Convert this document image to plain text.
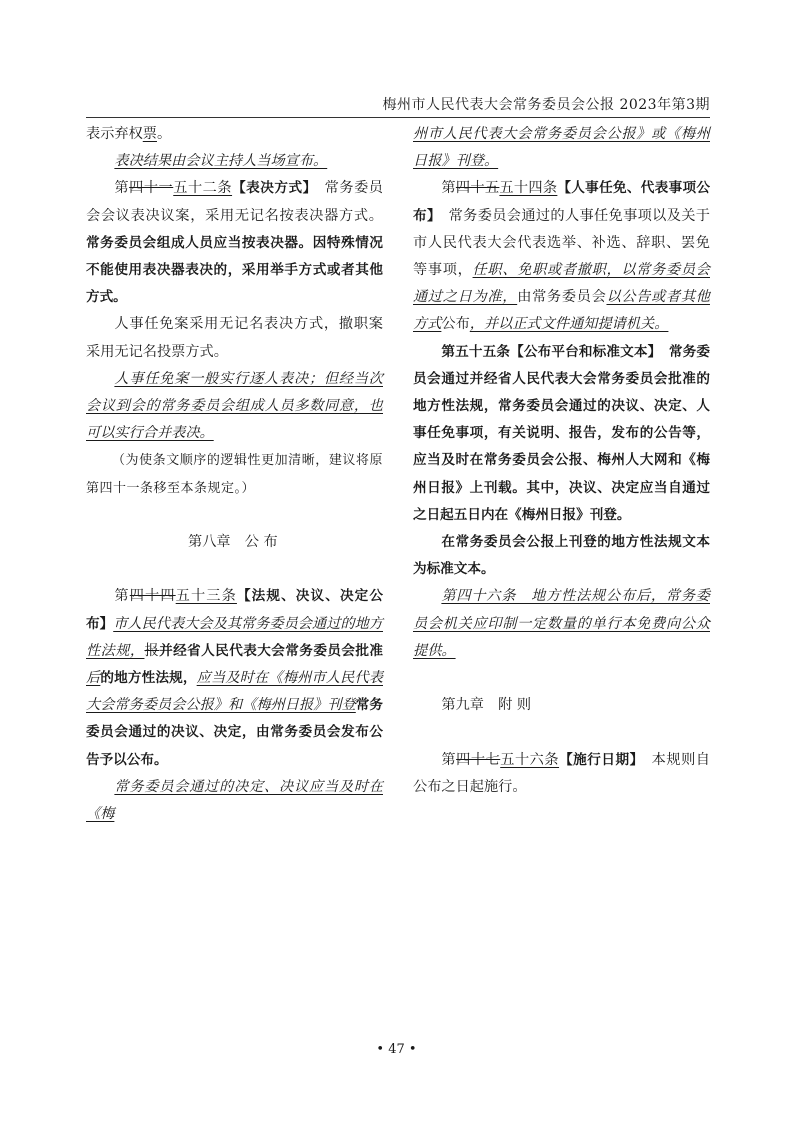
梅州市人民代表大会常务委员会公报 2023年第3期

表示弃权票。

表决结果由会议主持人当场宣布。

第四十一五十二条【表决方式】　 常务委员会会议表决议案，采用无记名按表决器方式。常务委员会组成人员应当按表决器。因特殊情况不能使用表决器表决的，采用举手方式或者其他方式。

人事任免案采用无记名表决方式，撤职案采用无记名投票方式。

人事任免案一般实行逐人表决；但经当次会议到会的常务委员会组成人员多数同意，也可以实行合并表决。

（为使条文顺序的逻辑性更加清晰，建议将原第四十一条移至本条规定。）

第八章　公 布

第四十四五十三条【法规、决议、决定公布】市人民代表大会及其常务委员会通过的地方性法规，报并经省人民代表大会常务委员会批准后的地方性法规，应当及时在《梅州市人民代表大会常务委员会公报》和《梅州日报》刊登常务委员会通过的决议、决定，由常务委员会发布公告予以公布。

常务委员会通过的决定、决议应当及时在《梅

州市人民代表大会常务委员会公报》或《梅州日报》刊登。

第四十五五十四条【人事任免、代表事项公布】　 常务委员会通过的人事任免事项以及关于市人民代表大会代表选举、补选、辞职、罢免等事项，任职、免职或者撤职，以常务委员会通过之日为准，由常务委员会以公告或者其他方式公布，并以正式文件通知提请机关。

第五十五条【公布平台和标准文本】　 常务委员会通过并经省人民代表大会常务委员会批准的地方性法规，常务委员会通过的决议、决定、人事任免事项，有关说明、报告，发布的公告等，应当及时在常务委员会公报、梅州人大网和《梅州日报》上刊载。其中，决议、决定应当自通过之日起五日内在《梅州日报》刊登。

在常务委员会公报上刊登的地方性法规文本为标准文本。

第四十六条　地方性法规公布后，常务委员会机关应印制一定数量的单行本免费向公众提供。

第九章　附 则

第四十七五十六条【施行日期】　 本规则自公布之日起施行。

• 47 •
